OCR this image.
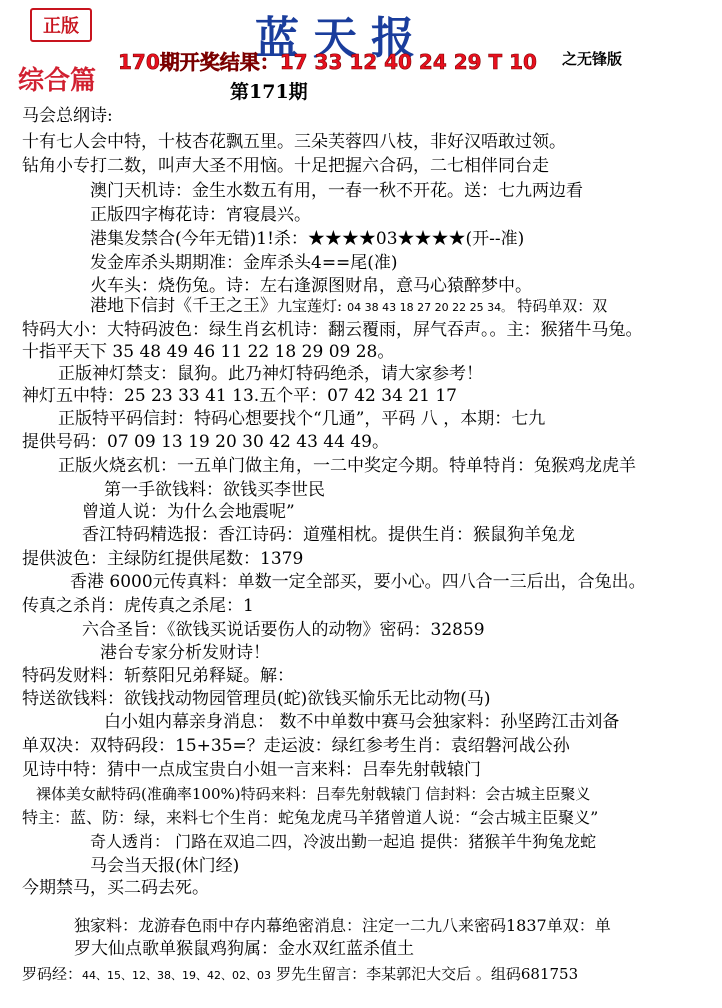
正版	蓝天报
170期开奖结果：17 33 12 40 24 29 T 10 之无锋版
综合篇	第171期
马会总纲诗:
十有七人会中特，十枝杏花飘五里。三朵芙蓉四八枝，非好汉唔敢过领。
钻角小专打二数，叫声大圣不用恼。十足把握六合码，二七相伴同台走
澳门天机诗：金生水数五有用，一春一秋不开花。送：七九两边看
正版四字梅花诗：宵寝晨兴。
港集发禁合(今年无错)1!杀：★★★★03★★★★(开--准)
发金库杀头期期准：金库杀头4==尾(准)
火车头：烧伤兔。诗：左右逢源图财帛，意马心猿醉梦中。
港地下信封《千王之王》九宝莲灯: 04 38 43 18 27 20 22 25 34。 特码单双：双
特码大小：大特码波色：绿生肖玄机诗：翻云覆雨，屏气吞声。。主：猴猪牛马兔。
十指平天下 35 48 49 46 11 22 18 29 09 28。
正版神灯禁支：鼠狗。此乃神灯特码绝杀，请大家参考！
神灯五中特：25 23 33 41 13.五个平：07 42 34 21 17
正版特平码信封：特码心想要找个“几通”，平码 八 ，本期：七九
提供号码：07 09 13 19 20 30 42 43 44 49。
正版火烧玄机：一五单门做主角，一二中奖定今期。特单特肖：兔猴鸡龙虎羊
第一手欲钱料：欲钱买李世民
曾道人说：为什么会地震呢”
香江特码精选报：香江诗码：道殣相枕。提供生肖：猴鼠狗羊兔龙
提供波色：主绿防红提供尾数：1379
香港 6000元传真料：单数一定全部买，要小心。四八合一三后出，合兔出。
传真之杀肖：虎传真之杀尾：1
六合圣旨：《欲钱买说话要伤人的动物》密码：32859
港台专家分析发财诗！
特码发财料：斩蔡阳兄弟释疑。解：
特送欲钱料：欲钱找动物园管理员(蛇)欲钱买愉乐无比动物(马)
白小姐内幕亲身消息： 数不中单数中赛马会独家料：孙坚跨江击刘备
单双决：双特码段：15+35=？走运波：绿红参考生肖：袁绍磐河战公孙
见诗中特：猜中一点成宝贵白小姐一言来料：吕奉先射戟辕门
裸体美女献特码(准确率100%)特码来料：吕奉先射戟辕门 信封料：会古城主臣聚义
特主：蓝、防：绿，来料七个生肖：蛇兔龙虎马羊猪曾道人说：“会古城主臣聚义”
奇人透肖： 门路在双追二四，冷波出勤一起追 提供：猪猴羊牛狗兔龙蛇
马会当天报(休门经)
今期禁马，买二码去死。
独家料：龙游春色雨中存内幕绝密消息：注定一二九八来密码1837单双：单
罗大仙点歌单猴鼠鸡狗属：金水双红蓝杀值土
罗码经：44、15、12、38、19、42、02、03 罗先生留言：李某郭汜大交后 。组码681753
